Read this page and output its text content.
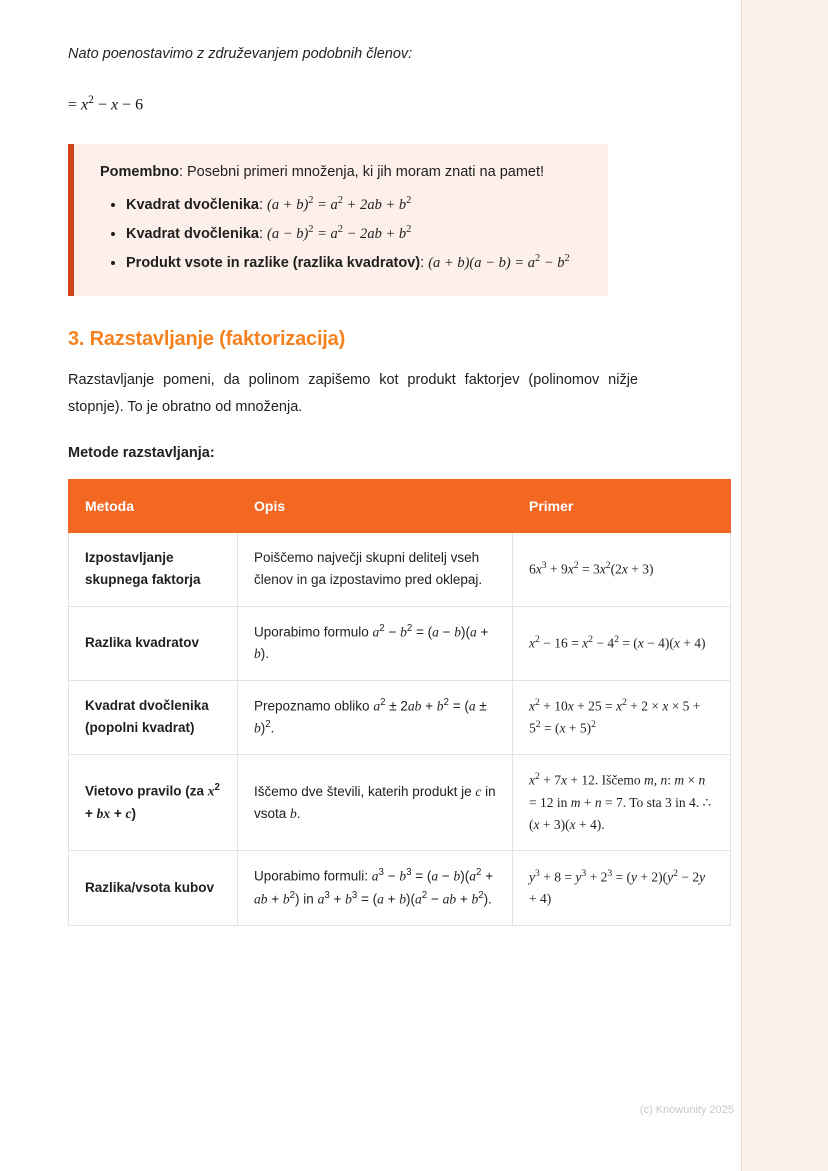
Nato poenostavimo z združevanjem podobnih členov:
= $x^2 - x - 6$
Pomembno: Posebni primeri množenja, ki jih moram znati na pamet!
• Kvadrat dvočlenika: $(a + b)^2 = a^2 + 2ab + b^2$
• Kvadrat dvočlenika: $(a - b)^2 = a^2 - 2ab + b^2$
• Produkt vsote in razlike (razlika kvadratov): $(a + b)(a - b) = a^2 - b^2$
3. Razstavljanje (faktorizacija)

Razstavljanje pomeni, da polinom zapišemo kot produkt faktorjev (polinomov nižje stopnje). To je obratno od množenja.

Metode razstavljanja:

Metoda	Opis	Primer
Izpostavljanje skupnega faktorja	Poiščemo največji skupni delitelj vseh členov in ga izpostavimo pred oklepaj.	$6x^3 + 9x^2 = 3x^2(2x + 3)$
Razlika kvadratov	Uporabimo formulo $a^2 - b^2 = (a - b)(a + b)$.	$x^2 - 16 = x^2 - 4^2 = (x - 4)(x + 4)$
Kvadrat dvočlenika (popolni kvadrat)	Prepoznamo obliko $a^2 \pm 2ab + b^2 = (a \pm b)^2$.	$x^2 + 10x + 25 = x^2 + 2 \times x \times 5 + 5^2 = (x + 5)^2$
Vietovo pravilo (za $x^2$ + bx + c)	Iščemo dve števili, katerih produkt je c in vsota b.	$x^2 + 7x + 12$. Iščemo m, n: m × n = 12 in m + n = 7. To sta 3 in 4. ∴ (x + 3)(x + 4).
Razlika/vsota kubov	Uporabimo formuli: $a^3 - b^3 = (a - b)(a^2$ + ab + $b^2$) in $a^3 + b^3 = (a + b)(a^2$ − ab + $b^2$).	$y^3 + 8 = y^3 + 2^3 = (y + 2)(y^2 - 2y + 4)$
(c) Knowunity 2025
